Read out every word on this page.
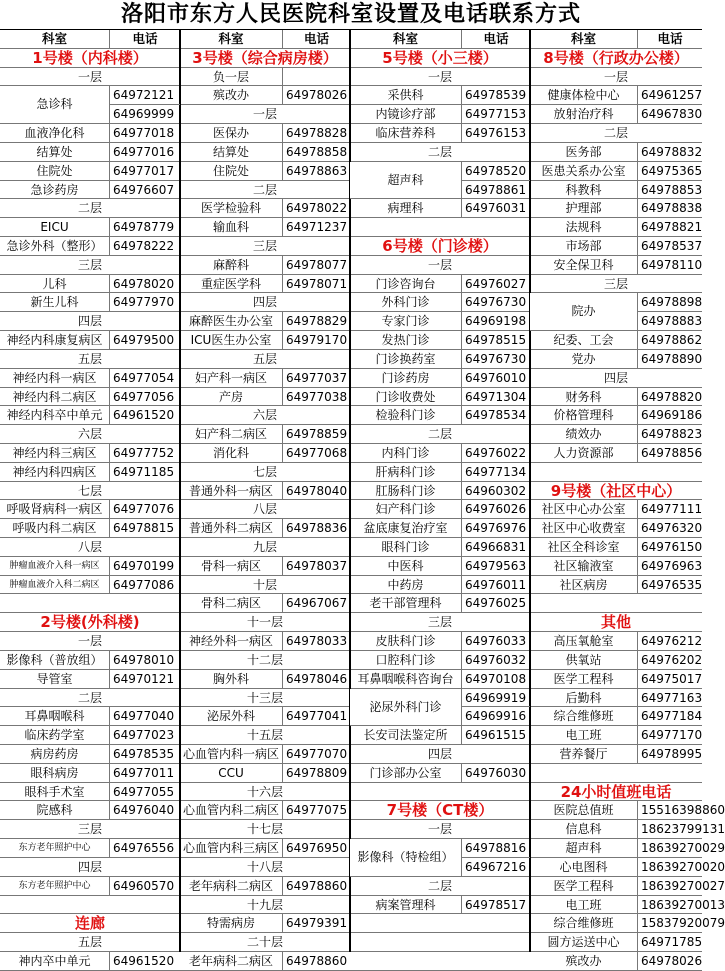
洛阳市东方人民医院科室设置及电话联系方式
科室	电话
1号楼（内科楼）
一层
急诊科
64972121
64969999
血液净化科	64977018
结算处	64977016
住院处	64977017
急诊药房	64976607
二层
EICU	64978779
急诊外科（整形） 64978222
三层
儿科	64978020
新生儿科	64977970
四层
神经内科康复病区 64979500
五层
神经内科一病区	64977054
神经内科二病区	64977056
神经内科卒中单元 64961520
六层
神经内科三病区	64977752
神经内科四病区	64971185
七层
呼吸肾病科一病区 64977076
呼吸内科二病区	64978815
八层
肿瘤血液介入科一病区	64970199
肿瘤血液介入科二病区	64977086
2号楼(外科楼)
一层
影像科（普放组） 64978010
导管室	64970121
二层
耳鼻咽喉科	64977040
临床药学室	64977023
病房药房	64978535
眼科病房	64977011
眼科手术室	64977055
院感科	64976040
三层
东方老年照护中心	64976556
四层
东方老年照护中心	64960570
连廊
五层
神内卒中单元	64961520
科室	电话
3号楼（综合病房楼）
负一层
殡改办	64978026
一层
医保办	64978828
结算处	64978858
住院处	64978863
二层
医学检验科	64978022
输血科	64971237
三层
麻醉科	64978077
重症医学科	64978071
四层
麻醉医生办公室	64978829
ICU医生办公室	64979170
五层
妇产科一病区	64977037
产房	64977038
六层
妇产科二病区	64978859
消化科	64977068
七层
普通外科一病区	64978040
八层
普通外科二病区	64978836
九层
骨科一病区	64978037
十层
骨科二病区	64967067
十一层
神经外科一病区	64978033
十二层
胸外科	64978046
十三层
泌尿外科	64977041
十五层
心血管内科一病区 64977070
CCU	64978809
十六层
心血管内科二病区 64977075
十七层
心血管内科三病区 64976950
十八层
老年病科二病区	64978860
十九层
特需病房	64979391
二十层
老年病科二病区	64978860
科室	电话
5号楼（小三楼）
一层
采供科	64978539
内镜诊疗部	64977153
临床营养科	64976153
二层
超声科
64978520
64978861
病理科	64976031
6号楼（门诊楼）
一层
门诊咨询台	64976027
外科门诊	64976730
专家门诊	64969198
发热门诊	64978515
门诊换药室	64976730
门诊药房	64976010
门诊收费处	64971304
检验科门诊	64978534
二层
内科门诊	64976022
肝病科门诊	64977134
肛肠科门诊	64960302
妇产科门诊	64976026
盆底康复治疗室	64976976
眼科门诊	64966831
中医科	64979563
中药房	64976011
老干部管理科	64976025
三层
皮肤科门诊	64976033
口腔科门诊	64976032
耳鼻咽喉科咨询台 64970108
泌尿外科门诊
64969919
64969916
长安司法鉴定所	64961515
四层
门诊部办公室	64976030
7号楼（CT楼）
一层
影像科（特检组）
64978816
64967216
二层
病案管理科	64978517
科室	电话
8号楼（行政办公楼）
一层
健康体检中心	64961257
放射治疗科	64967830
二层
医务部	64978832
医患关系办公室	64975365
科教科	64978853
护理部	64978838
法规科	64978821
市场部	64978537
安全保卫科	64978110
三层
院办
64978898
64978883
纪委、工会	64978862
党办	64978890
四层
财务科	64978820
价格管理科	64969186
绩效办	64978823
人力资源部	64978856
9号楼（社区中心）
社区中心办公室	64977111
社区中心收费室	64976320
社区全科诊室	64976150
社区输液室	64976963
社区病房	64976535
其他
高压氧舱室	64976212
供氧站	64976202
医学工程科	64975017
后勤科	64977163
综合维修班	64977184
电工班	64977170
营养餐厅	64978995
24小时值班电话
医院总值班	15516398860
信息科	18623799131
超声科	18639270029
心电图科	18639270020
医学工程科	18639270027
电工班	18639270013
综合维修班	15837920079
圆方运送中心	64971785
殡改办	64978026
